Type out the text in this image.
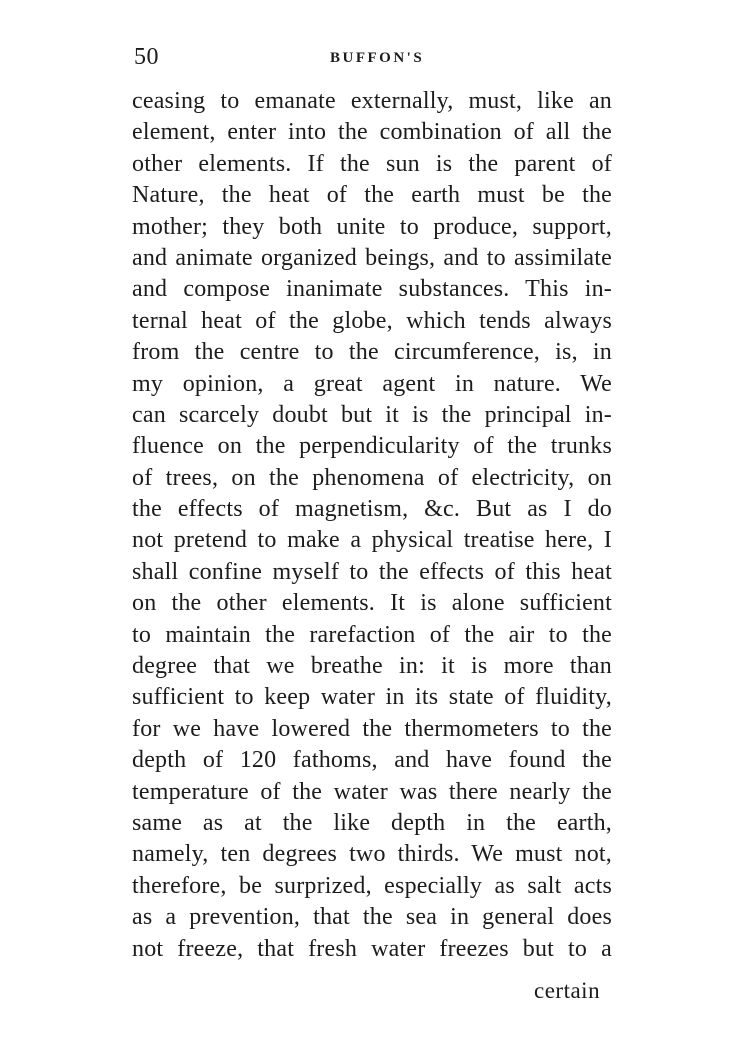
50	BUFFON'S
ceasing to emanate externally, must, like an
element, enter into the combination of all the
other elements. If the sun is the parent of
Nature, the heat of the earth must be the
mother; they both unite to produce, support,
and animate organized beings, and to assimilate
and compose inanimate substances. This in-
ternal heat of the globe, which tends always
from the centre to the circumference, is, in
my opinion, a great agent in nature. We
can scarcely doubt but it is the principal in-
fluence on the perpendicularity of the trunks
of trees, on the phenomena of electricity, on
the effects of magnetism, &c. But as I do
not pretend to make a physical treatise here, I
shall confine myself to the effects of this heat
on the other elements. It is alone sufficient
to maintain the rarefaction of the air to the
degree that we breathe in: it is more than
sufficient to keep water in its state of fluidity,
for we have lowered the thermometers to the
depth of 120 fathoms, and have found the
temperature of the water was there nearly the
same as at the like depth in the earth,
namely, ten degrees two thirds. We must not,
therefore, be surprized, especially as salt acts
as a prevention, that the sea in general does
not freeze, that fresh water freezes but to a
certain
